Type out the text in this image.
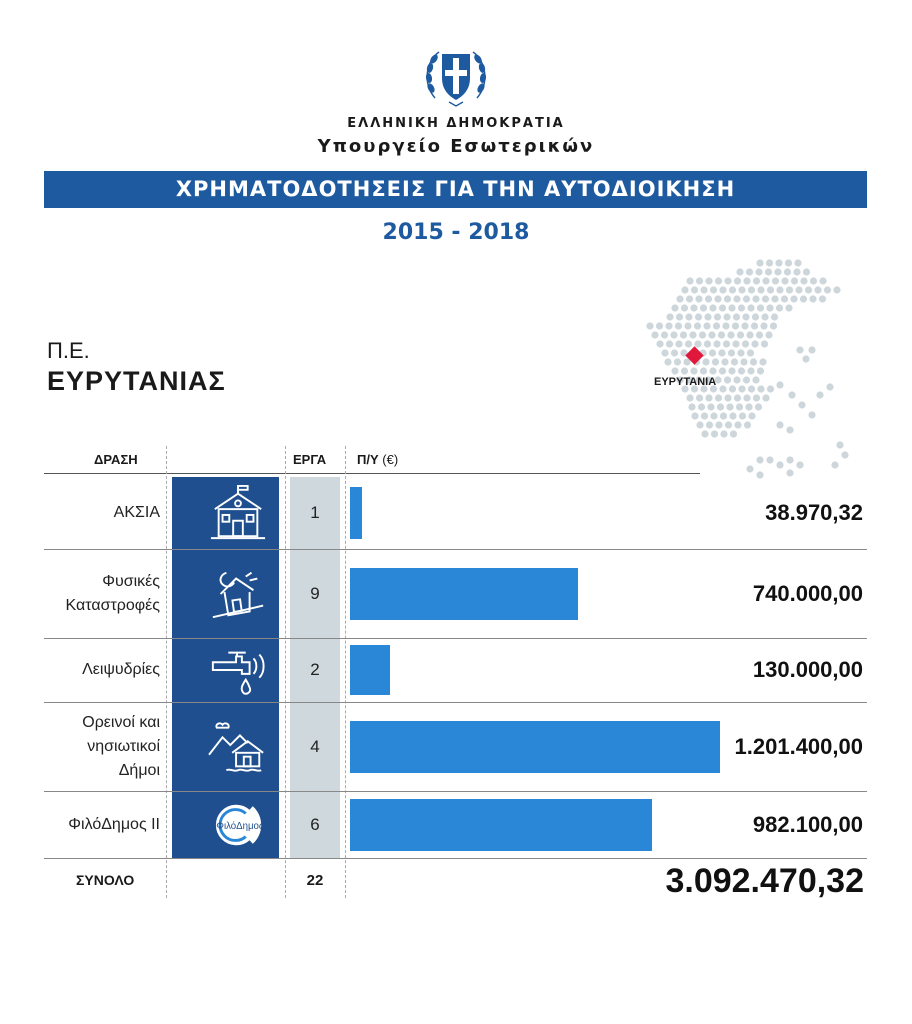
ΕΛΛΗΝΙΚΗ ΔΗΜΟΚΡΑΤΙΑ
Υπουργείο Εσωτερικών
ΧΡΗΜΑΤΟΔΟΤΗΣΕΙΣ ΓΙΑ ΤΗΝ ΑΥΤΟΔΙΟΙΚΗΣΗ
2015 - 2018
Π.Ε.
ΕΥΡΥΤΑΝΙΑΣ	ΕΥΡΥΤΑΝΙΑ
ΔΡΑΣΗ	ΕΡΓΑ Π/Υ (€)
ΑΚΣΙΑ	1	38.970,32
Φυσικές
Καταστροφές
9	740.000,00
Λειψυδρίες	2	130.000,00
Ορεινοί και
νησιωτικοί
Δήμοι
4	1.201.400,00
ΦιλόΔημος ΙΙ	ΦιλόΔημος	6	982.100,00
ΣΥΝΟΛΟ	22	3.092.470,32
